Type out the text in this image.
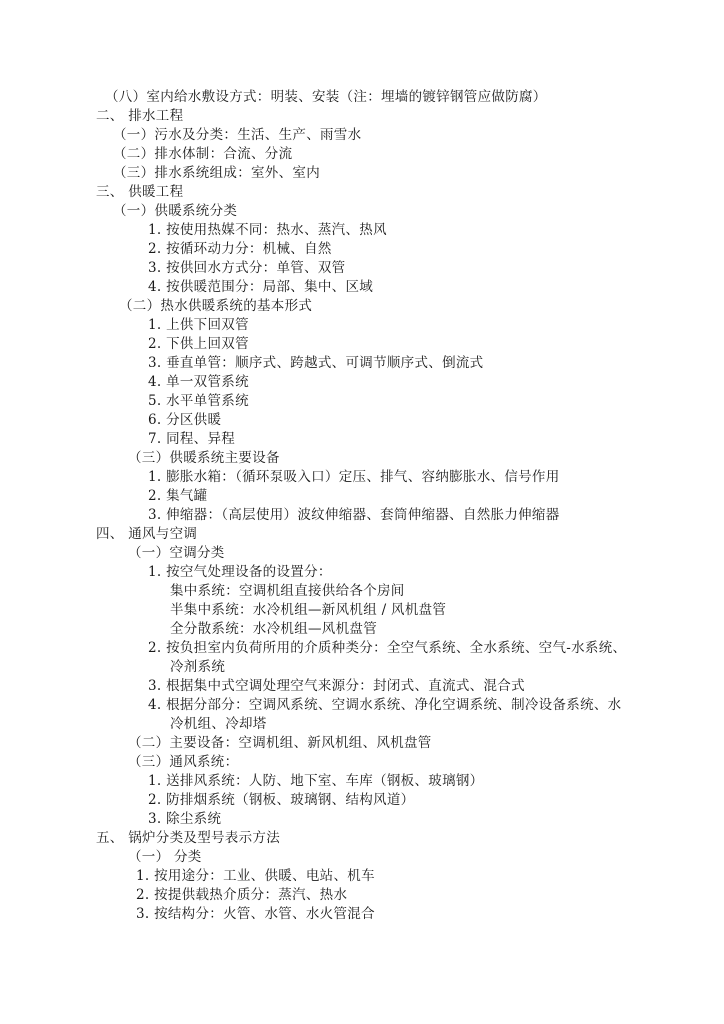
（八）室内给水敷设方式：明装、安装（注：埋墙的镀锌钢管应做防腐）
二、 排水工程
（一）污水及分类：生活、生产、雨雪水
（二）排水体制：合流、分流
（三）排水系统组成：室外、室内
三、 供暖工程
（一）供暖系统分类
1. 按使用热媒不同：热水、蒸汽、热风
2. 按循环动力分：机械、自然
3. 按供回水方式分：单管、双管
4. 按供暖范围分：局部、集中、区域
（二）热水供暖系统的基本形式
1. 上供下回双管
2. 下供上回双管
3. 垂直单管：顺序式、跨越式、可调节顺序式、倒流式
4. 单一双管系统
5. 水平单管系统
6. 分区供暖
7. 同程、异程
（三）供暖系统主要设备
1. 膨胀水箱：（循环泵吸入口）定压、排气、容纳膨胀水、信号作用
2. 集气罐
3. 伸缩器：（高层使用）波纹伸缩器、套筒伸缩器、自然胀力伸缩器
四、 通风与空调
（一）空调分类
1. 按空气处理设备的设置分：
集中系统：空调机组直接供给各个房间
半集中系统：水冷机组—新风机组 / 风机盘管
全分散系统：水冷机组—风机盘管
2. 按负担室内负荷所用的介质种类分：全空气系统、全水系统、空气-水系统、
冷剂系统
3. 根据集中式空调处理空气来源分：封闭式、直流式、混合式
4. 根据分部分：空调风系统、空调水系统、净化空调系统、制冷设备系统、水
冷机组、冷却塔
（二）主要设备：空调机组、新风机组、风机盘管
（三）通风系统：
1. 送排风系统：人防、地下室、车库（钢板、玻璃钢）
2. 防排烟系统（钢板、玻璃钢、结构风道）
3. 除尘系统
五、 锅炉分类及型号表示方法
（一） 分类
1. 按用途分：工业、供暖、电站、机车
2. 按提供载热介质分：蒸汽、热水
3. 按结构分：火管、水管、水火管混合
